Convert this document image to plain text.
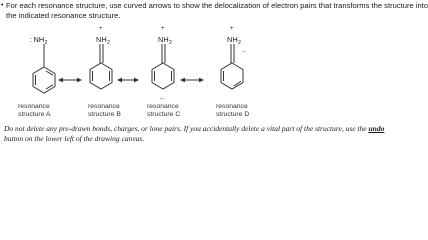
• For each resonance structure, use curved arrows to show the delocalization of electron pairs that transforms the structure into
the indicated resonance structure.
: NH 2
+
NH 2
+
NH 2
..
+
NH 2
..
resonance
structure A
resonance
structure B
resonance
structure C
resonance
structure D
Do not delete any pre-drawn bonds, charges, or lone pairs. If you accidentally delete a vital part of the structure, use the undo
button on the lower left of the drawing canvas.
